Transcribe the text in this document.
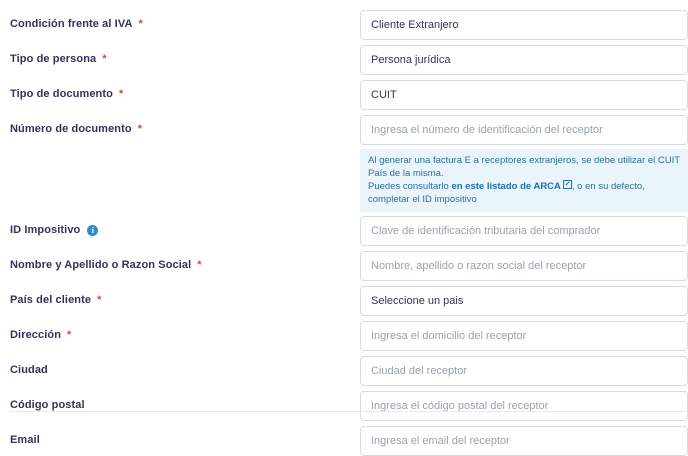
Condición frente al IVA *	Cliente Extranjero
Tipo de persona *	Persona jurídica
Tipo de documento *	CUIT
Número de documento *	Ingresa el número de identificación del receptor
Al generar una factura E a receptores extranjeros, se debe utilizar el CUIT País de la misma.
Puedes consultarlo en este listado de ARCA , o en su defecto, completar el ID impositivo
ID Impositivo	i	Clave de identificación tributaria del comprador
Nombre y Apellido o Razon Social *	Nombre, apellido o razon social del receptor
País del cliente *	Seleccione un pais
Dirección *	Ingresa el domicilio del receptor
Ciudad	Ciudad del receptor
Código postal	Ingresa el código postal del receptor
Email	Ingresa el email del receptor
